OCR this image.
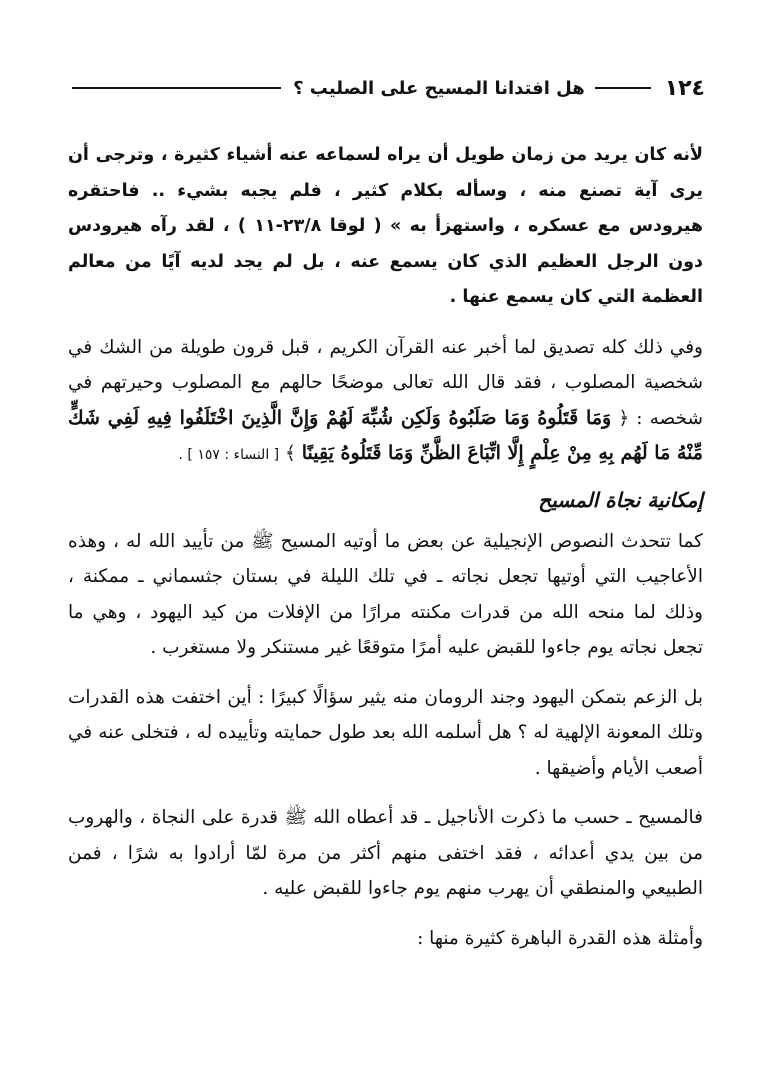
١٢٤
هل افتدانا المسيح على الصليب ؟

لأنه كان يريد من زمان طويل أن يراه لسماعه عنه أشياء كثيرة ، وترجى أن يرى آية تصنع منه ، وسأله بكلام كثير ، فلم يجبه بشيء .. فاحتقره هيرودس مع عسكره ، واستهزأ به » ( لوقا ٢٣/٨-١١ ) ، لقد رآه هيرودس دون الرجل العظيم الذي كان يسمع عنه ، بل لم يجد لديه آيًا من معالم العظمة التي كان يسمع عنها .

وفي ذلك كله تصديق لما أخبر عنه القرآن الكريم ، قبل قرون طويلة من الشك في شخصية المصلوب ، فقد قال الله تعالى موضحًا حالهم مع المصلوب وحيرتهم في شخصه : ﴿ وَمَا قَتَلُوهُ وَمَا صَلَبُوهُ وَلَكِن شُبِّهَ لَهُمْ وَإِنَّ الَّذِينَ اخْتَلَفُوا فِيهِ لَفِي شَكٍّ مِّنْهُ مَا لَهُم بِهِ مِنْ عِلْمٍ إِلَّا اتِّبَاعَ الظَّنِّ وَمَا قَتَلُوهُ يَقِينًا ﴾ [ النساء : ١٥٧ ] .

إمكانية نجاة المسيح

كما تتحدث النصوص الإنجيلية عن بعض ما أوتيه المسيح ﷺ من تأييد الله له ، وهذه الأعاجيب التي أوتيها تجعل نجاته ـ في تلك الليلة في بستان جثسماني ـ ممكنة ، وذلك لما منحه الله من قدرات مكنته مرارًا من الإفلات من كيد اليهود ، وهي ما تجعل نجاته يوم جاءوا للقبض عليه أمرًا متوقعًا غير مستنكر ولا مستغرب .

بل الزعم بتمكن اليهود وجند الرومان منه يثير سؤالًا كبيرًا : أين اختفت هذه القدرات وتلك المعونة الإلهية له ؟ هل أسلمه الله بعد طول حمايته وتأييده له ، فتخلى عنه في أصعب الأيام وأضيقها .

فالمسيح ـ حسب ما ذكرت الأناجيل ـ قد أعطاه الله ﷺ قدرة على النجاة ، والهروب من بين يدي أعدائه ، فقد اختفى منهم أكثر من مرة لمّا أرادوا به شرًا ، فمن الطبيعي والمنطقي أن يهرب منهم يوم جاءوا للقبض عليه .

وأمثلة هذه القدرة الباهرة كثيرة منها :
